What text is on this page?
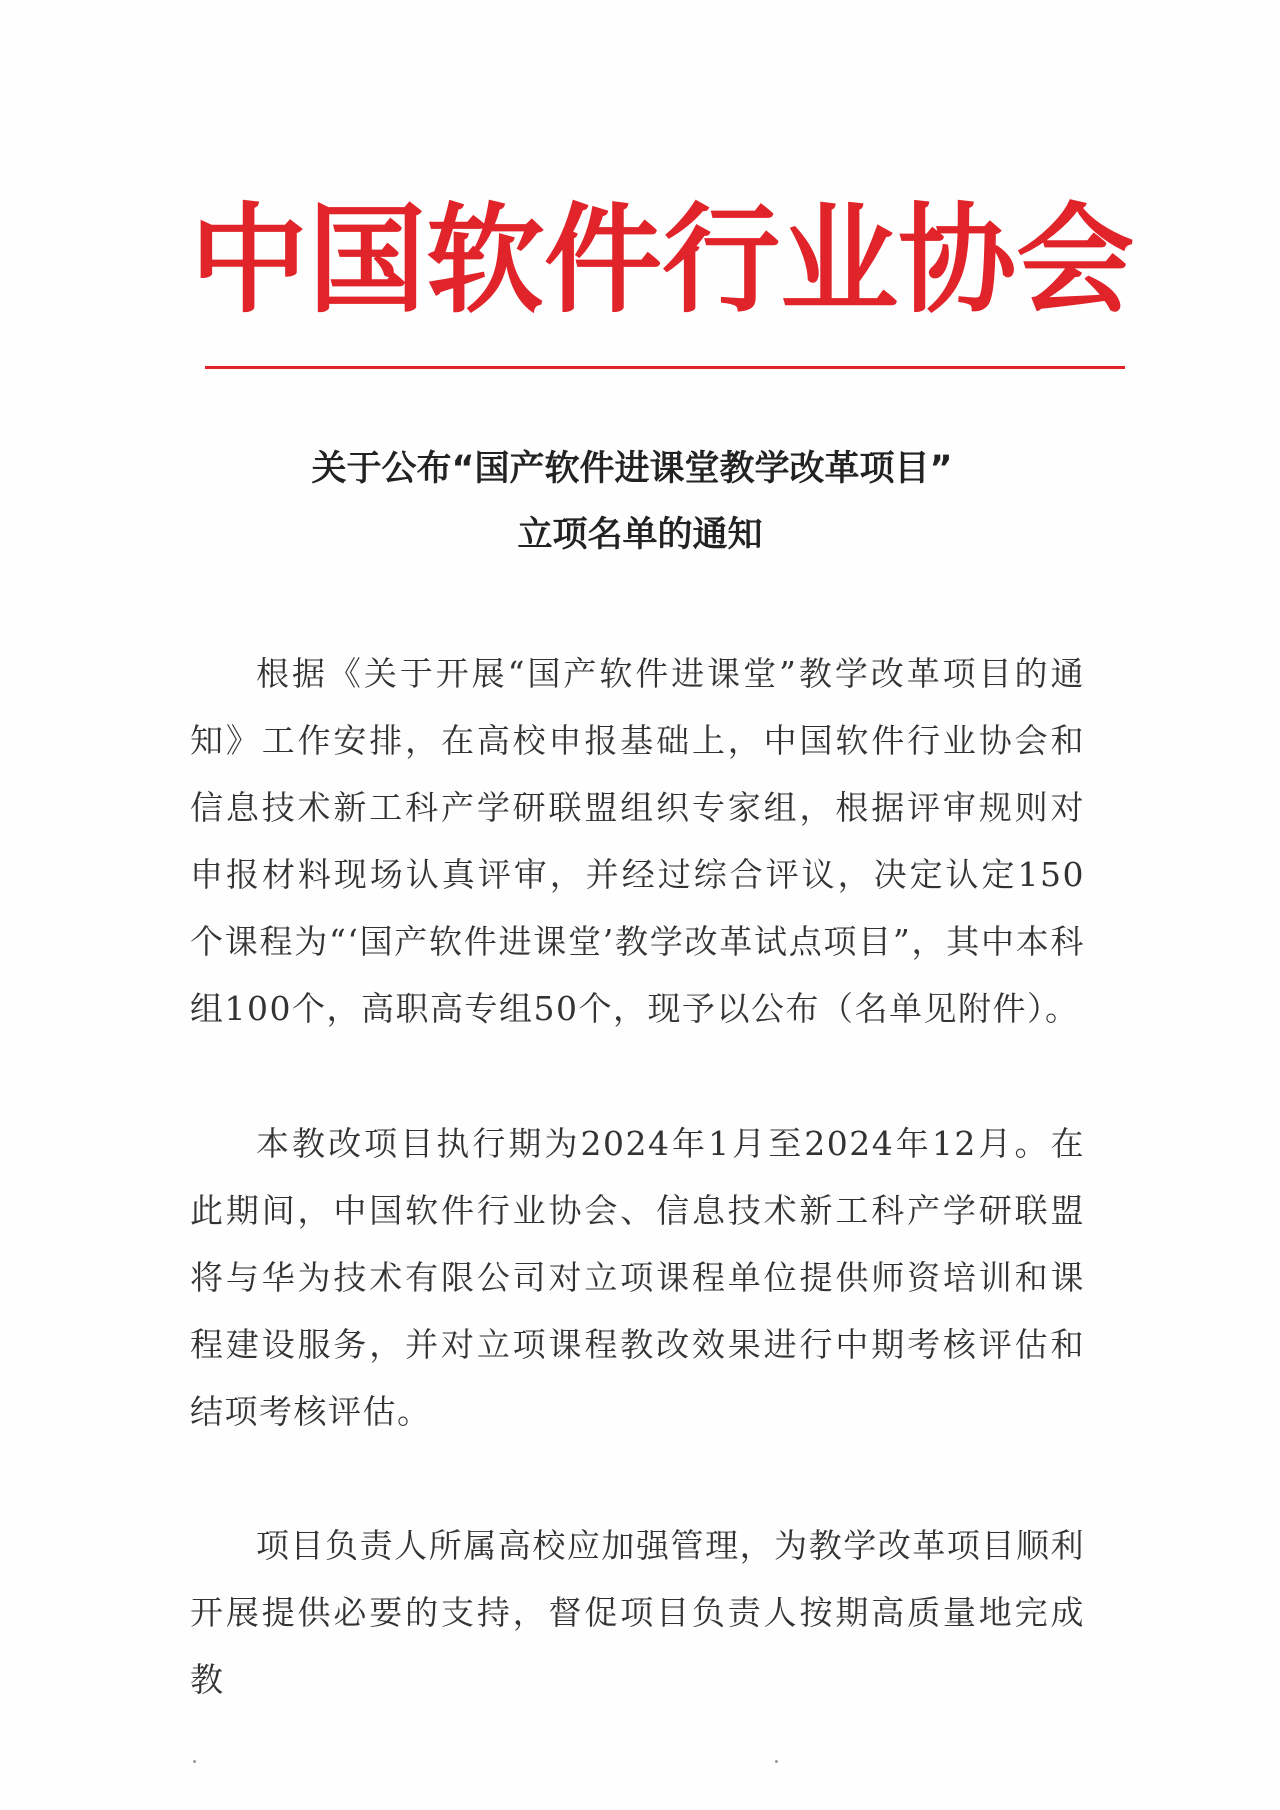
中 国 软 件 行 业 协 会
关于公布“国产软件进课堂教学改革项目”
立项名单的通知

根据《关于开展“国产软件进课堂”教学改革项目的通知》工作安排，在高校申报基础上，中国软件行业协会和信息技术新工科产学研联盟组织专家组，根据评审规则对申报材料现场认真评审，并经过综合评议，决定认定150个课程为“‘国产软件进课堂’教学改革试点项目”，其中本科组100个，高职高专组50个，现予以公布（名单见附件）。

本教改项目执行期为2024年1月至2024年12月。在此期间，中国软件行业协会、信息技术新工科产学研联盟将与华为技术有限公司对立项课程单位提供师资培训和课程建设服务，并对立项课程教改效果进行中期考核评估和结项考核评估。

项目负责人所属高校应加强管理，为教学改革项目顺利开展提供必要的支持，督促项目负责人按期高质量地完成教
